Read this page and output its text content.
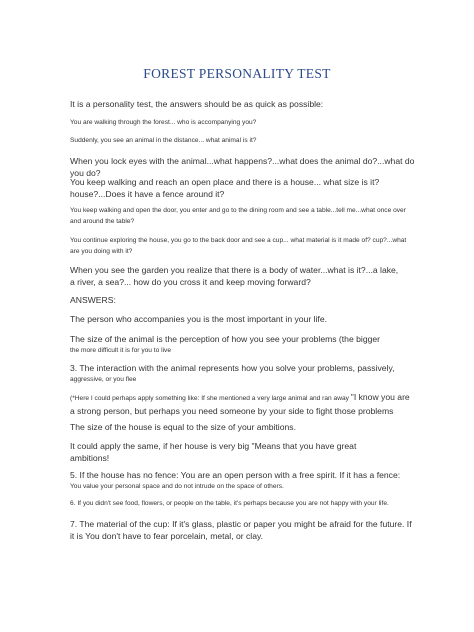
FOREST PERSONALITY TEST

It is a personality test, the answers should be as quick as possible:

You are walking through the forest... who is accompanying you?

Suddenly, you see an animal in the distance... what animal is it?

When you lock eyes with the animal...what happens?...what does the animal do?...what do you do?

You keep walking and reach an open place and there is a house... what size is it? house?...Does it have a fence around it?

You keep walking and open the door, you enter and go to the dining room and see a table...tell me...what once over and around the table?

You continue exploring the house, you go to the back door and see a cup... what material is it made of? cup?...what are you doing with it?

When you see the garden you realize that there is a body of water...what is it?...a lake, a river, a sea?... how do you cross it and keep moving forward?

ANSWERS:

The person who accompanies you is the most important in your life.

The size of the animal is the perception of how you see your problems (the bigger
the more difficult it is for you to live
3. The interaction with the animal represents how you solve your problems, passively,
aggressive, or you flee
(*Here I could perhaps apply something like: If she mentioned a very large animal and ran away "I know you are
a strong person, but perhaps you need someone by your side to fight those problems

The size of the house is equal to the size of your ambitions.

It could apply the same, if her house is very big "Means that you have great ambitions!

5. If the house has no fence: You are an open person with a free spirit. If it has a fence:
You value your personal space and do not intrude on the space of others.

6. If you didn't see food, flowers, or people on the table, it's perhaps because you are not happy with your life.

7. The material of the cup: If it's glass, plastic or paper you might be afraid for the future. If it is You don't have to fear porcelain, metal, or clay.
